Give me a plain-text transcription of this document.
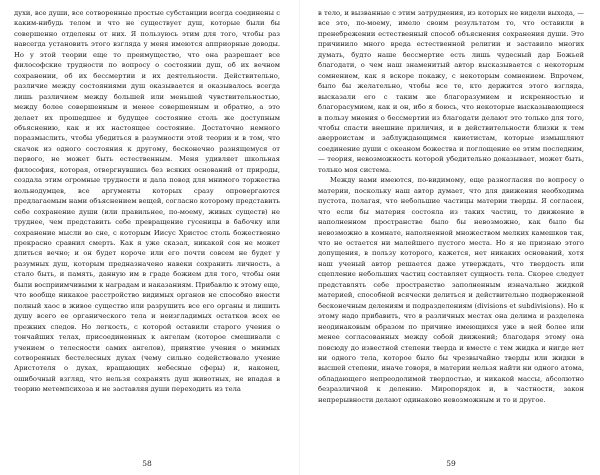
духи, все души, все сотворенные простые субстанции всегда соединены с каким-нибудь телом и что не существует душ, которые были бы совершенно отделены от них. Я пользуюсь этим для того, чтобы раз навсегда установить этого взгляда у меня имеются апприорные доводы. Но у этой теории еще то преимущество, что она разрешает все философские трудности по вопросу о состоянии душ, об их вечном сохранении, об их бессмертии и их деятельности. Действительно, различие между состояниями душ оказывается и оказывалось всегда лишь различием между большей или меньшей чувствительностью, между более совершенным и менее совершенным и обратно, а это делает их прошедшее и будущее состояние столь же доступным объяснению, как и их настоящее состояние. Достаточно немного поразмыслить, чтобы убедиться в разумности этой теории и в том, что скачок из одного состояния к другому, бесконечно разнящемуся от первого, не может быть естественным. Меня удивляет школьная философия, которая, отвергнувшись без всяких оснований от природы, создала этим огромные трудности и дала повод для мнимого торжества вольнодумцев, все аргументы которых сразу опровергаются предлагаемым нами объяснением вещей, согласно которому представить себе сохранение души (или правильнее, по-моему, живых существ) не труднее, чем представить себе превращение гусеницы в бабочку или сохранение мысли во сне, с которым Иисус Христос столь божественно прекрасно сравнил смерть. Как я уже сказал, никакой сон не может длиться вечно; и он будет короче или его почти совсем не будет у разумных душ, которым предназначено навеки сохранить личность, а стало быть, и память, данную им в граде божием для того, чтобы они были восприимчивыми к наградам и наказаниям. Прибавлю к этому еще, что вообще никакое расстройство видимых органов не способно внести полный хаос в живое существо или разрушить все его органы и лишить душу всего ее органического тела и неизгладимых остатков всех ее прежних следов. Но легкость, с которой оставили старого учения о тончайших телах, присоединенных к ангелам (которое смешивали с учением о телесности самих ангелов), принятие учения о мнимых сотворенных бестелесных духах (чему сильно содействовало учение Аристотеля о духах, вращающих небесные сферы) и, наконец, ошибочный взгляд, что нельзя сохранять душ животных, не впадая в теорию метемпсихоза и не заставляя души переходить из тела

58

в тело, и вызванные с этим затруднения, из которых не видели выхода, — все это, по-моему, имело своим результатом то, что оставили в пренебрежении естественный способ объяснения сохранения души. Это причинило много вреда естественной религии и заставило многих думать, будто наше бессмертие есть лишь чудесный дар Божьей благодати, о чем наш знаменитый автор высказывается с некоторым сомнением, как я вскоре покажу, с некоторым сомнением. Впрочем, было бы желательно, чтобы все те, кто держится этого взгляда, высказали его с таким же благоразумием и искренностью и благорасумием, как и он, ибо я боюсь, что некоторые высказывающиеся в пользу мнения о бессмертии из благодати делают это только для того, чтобы спасти внешние приличия, и в действительности близки к тем аверроистам и заблуждающимся квиетистам, которые измышляют соединение души с океаном божества и поглощение ее этим последним, — теория, невозможность которой убедительно доказывает, может быть, только моя система.

Между нами имеются, по-видимому, еще разногласия по вопросу о материи, поскольку наш автор думает, что для движения необходима пустота, полагая, что небольшие частицы материи тверды. Я согласен, что если бы материя состояла из таких частиц, то движение в наполненном пространстве было бы невозможно, как было бы невозможно в комнате, наполненной множеством мелких камешков так, что не остается ни малейшего пустого места. Но я не признаю этого допущения, в пользу которого, кажется, нет никаких оснований, хотя наш ученый автор решается даже утверждать, что твердость или сцепление небольших частиц составляет сущность тела. Скорее следует представлять себе пространство заполненным изначально жидкой материей, способной всячески делиться и действительно подверженной бесконечным делениям и подразделениям (divisions et subdivisions). Но к этому надо прибавить, что в различных местах она делима и разделена неодинаковым образом по причине имеющихся уже в ней более или менее согласованных между собой движений; благодаря этому она повсюду до известной степени тверда и вместе с тем жидка и нигде нет ни одного тела, которое было бы чрезвычайно тверды или жидки в высшей степени, иначе говоря, в материи нельзя найти ни одного атома, обладающего непреодолимой твердостью, и никакой массы, абсолютно безразличной к делению. Миропорядок и, в частности, закон непрерывности делают одинаково невозможным и то и другое.

59
